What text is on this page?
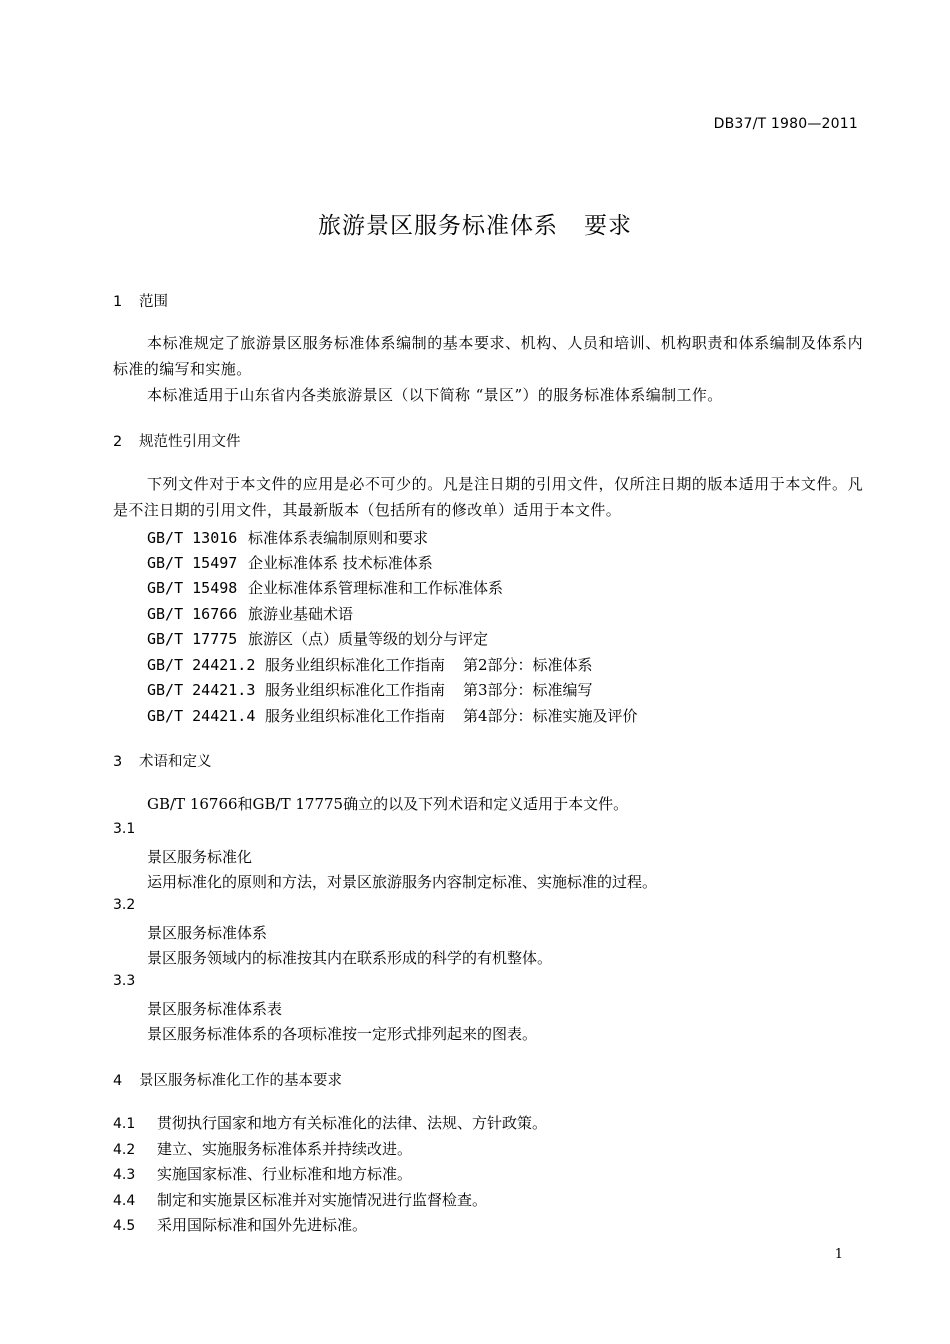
DB37/T 1980—2011
旅游景区服务标准体系 要求
1 范围
本标准规定了旅游景区服务标准体系编制的基本要求、机构、人员和培训、机构职责和体系编制及体系内标准的编写和实施。
本标准适用于山东省内各类旅游景区（以下简称 “景区”）的服务标准体系编制工作。
2 规范性引用文件
下列文件对于本文件的应用是必不可少的。凡是注日期的引用文件，仅所注日期的版本适用于本文件。凡是不注日期的引用文件，其最新版本（包括所有的修改单）适用于本文件。
GB/T 13016 标准体系表编制原则和要求
GB/T 15497 企业标准体系 技术标准体系
GB/T 15498 企业标准体系管理标准和工作标准体系
GB/T 16766 旅游业基础术语
GB/T 17775 旅游区（点）质量等级的划分与评定
GB/T 24421.2 服务业组织标准化工作指南 第2部分：标准体系
GB/T 24421.3 服务业组织标准化工作指南 第3部分：标准编写
GB/T 24421.4 服务业组织标准化工作指南 第4部分：标准实施及评价
3 术语和定义
GB/T 16766和GB/T 17775确立的以及下列术语和定义适用于本文件。
3.1
景区服务标准化
运用标准化的原则和方法，对景区旅游服务内容制定标准、实施标准的过程。
3.2
景区服务标准体系
景区服务领域内的标准按其内在联系形成的科学的有机整体。
3.3
景区服务标准体系表
景区服务标准体系的各项标准按一定形式排列起来的图表。
4 景区服务标准化工作的基本要求
4.1 贯彻执行国家和地方有关标准化的法律、法规、方针政策。
4.2 建立、实施服务标准体系并持续改进。
4.3 实施国家标准、行业标准和地方标准。
4.4 制定和实施景区标准并对实施情况进行监督检查。
4.5 采用国际标准和国外先进标准。
1
